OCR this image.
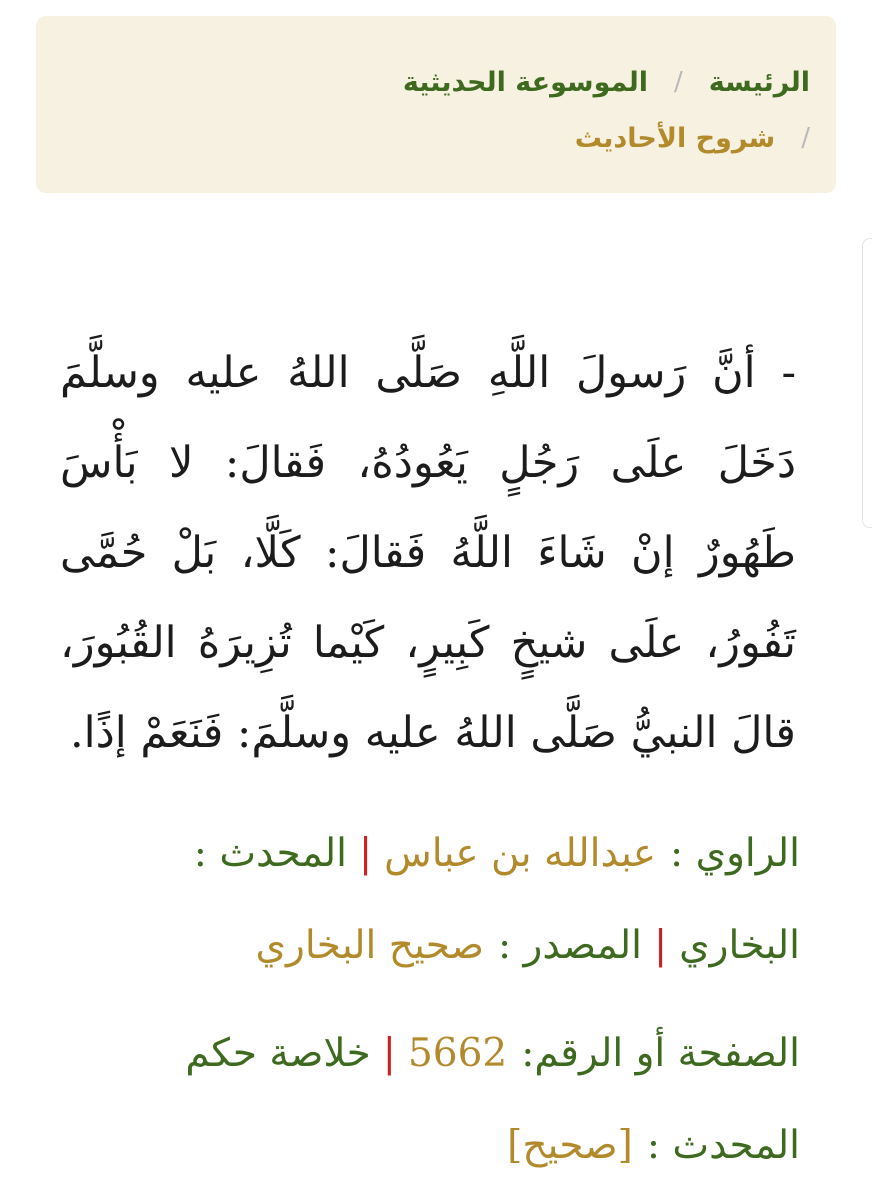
الرئيسة
/
الموسوعة الحديثية
/
شروح الأحاديث

- أنَّ رَسولَ اللَّهِ صَلَّى اللهُ عليه وسلَّمَ دَخَلَ علَى رَجُلٍ يَعُودُهُ، فَقالَ: لا بَأْسَ طَهُورٌ إنْ شَاءَ اللَّهُ فَقالَ: كَلَّا، بَلْ حُمَّى تَفُورُ، علَى شيخٍ كَبِيرٍ، كَيْما تُزِيرَهُ القُبُورَ، قالَ النبيُّ صَلَّى اللهُ عليه وسلَّمَ: فَنَعَمْ إذًا.

الراوي :عبدالله بن عباس|المحدث : البخاري|المصدر :صحيح البخاري

الصفحة أو الرقم:5662|خلاصة حكم المحدث :[صحيح]
